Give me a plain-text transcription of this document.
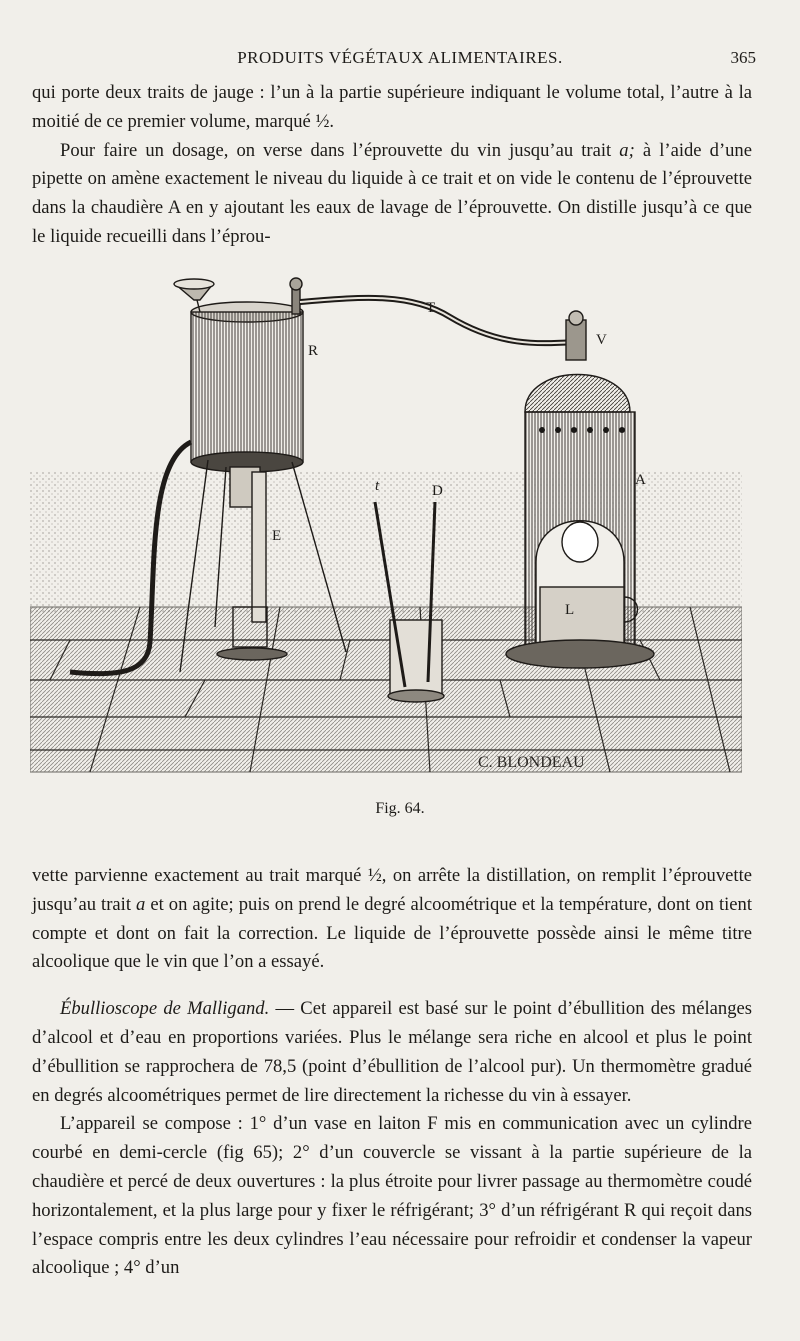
PRODUITS VÉGÉTAUX ALIMENTAIRES.	365

qui porte deux traits de jauge : l’un à la partie supérieure indiquant le volume total, l’autre à la moitié de ce premier volume, marqué ½.

Pour faire un dosage, on verse dans l’éprouvette du vin jusqu’au trait a; à l’aide d’une pipette on amène exactement le niveau du liquide à ce trait et on vide le contenu de l’éprouvette dans la chaudière A en y ajoutant les eaux de lavage de l’éprouvette. On distille jusqu’à ce que le liquide recueilli dans l’éprou-

C. BLONDEAU
T
R
V
A
E
t	D
L
Fig. 64.

vette parvienne exactement au trait marqué ½, on arrête la distillation, on remplit l’éprouvette jusqu’au trait a et on agite; puis on prend le degré alcoométrique et la température, dont on tient compte et dont on fait la correction. Le liquide de l’éprouvette possède ainsi le même titre alcoolique que le vin que l’on a essayé.

Ébullioscope de Malligand. — Cet appareil est basé sur le point d’ébullition des mélanges d’alcool et d’eau en proportions variées. Plus le mélange sera riche en alcool et plus le point d’ébullition se rapprochera de 78,5 (point d’ébullition de l’alcool pur). Un thermomètre gradué en degrés alcoométriques permet de lire directement la richesse du vin à essayer.

L’appareil se compose : 1° d’un vase en laiton F mis en communication avec un cylindre courbé en demi-cercle (fig 65); 2° d’un couvercle se vissant à la partie supérieure de la chaudière et percé de deux ouvertures : la plus étroite pour livrer passage au thermomètre coudé horizontalement, et la plus large pour y fixer le réfrigérant; 3° d’un réfrigérant R qui reçoit dans l’espace compris entre les deux cylindres l’eau nécessaire pour refroidir et condenser la vapeur alcoolique ; 4° d’un
